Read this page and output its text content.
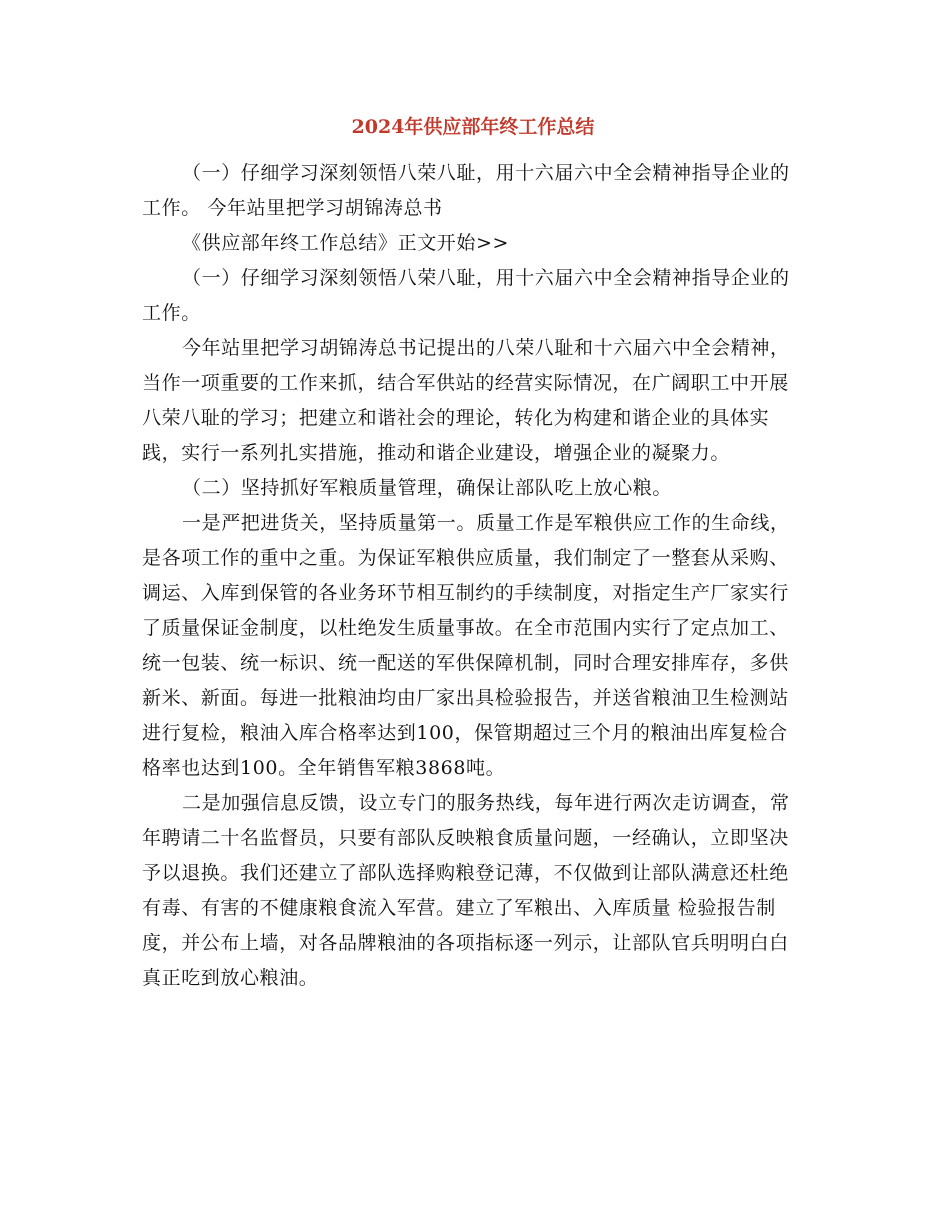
2024年供应部年终工作总结

（一）仔细学习深刻领悟八荣八耻，用十六届六中全会精神指导企业的工作。 今年站里把学习胡锦涛总书

《供应部年终工作总结》正文开始>>

（一）仔细学习深刻领悟八荣八耻，用十六届六中全会精神指导企业的工作。

今年站里把学习胡锦涛总书记提出的八荣八耻和十六届六中全会精神，当作一项重要的工作来抓，结合军供站的经营实际情况，在广阔职工中开展八荣八耻的学习；把建立和谐社会的理论，转化为构建和谐企业的具体实践，实行一系列扎实措施，推动和谐企业建设，增强企业的凝聚力。

（二）坚持抓好军粮质量管理，确保让部队吃上放心粮。

一是严把进货关，坚持质量第一。质量工作是军粮供应工作的生命线，是各项工作的重中之重。为保证军粮供应质量，我们制定了一整套从采购、调运、入库到保管的各业务环节相互制约的手续制度，对指定生产厂家实行了质量保证金制度，以杜绝发生质量事故。在全市范围内实行了定点加工、统一包装、统一标识、统一配送的军供保障机制，同时合理安排库存，多供新米、新面。每进一批粮油均由厂家出具检验报告，并送省粮油卫生检测站进行复检，粮油入库合格率达到100，保管期超过三个月的粮油出库复检合格率也达到100。全年销售军粮3868吨。

二是加强信息反馈，设立专门的服务热线，每年进行两次走访调查，常年聘请二十名监督员，只要有部队反映粮食质量问题，一经确认，立即坚决予以退换。我们还建立了部队选择购粮登记薄，不仅做到让部队满意还杜绝有毒、有害的不健康粮食流入军营。建立了军粮出、入库质量 检验报告制度，并公布上墙，对各品牌粮油的各项指标逐一列示，让部队官兵明明白白真正吃到放心粮油。
